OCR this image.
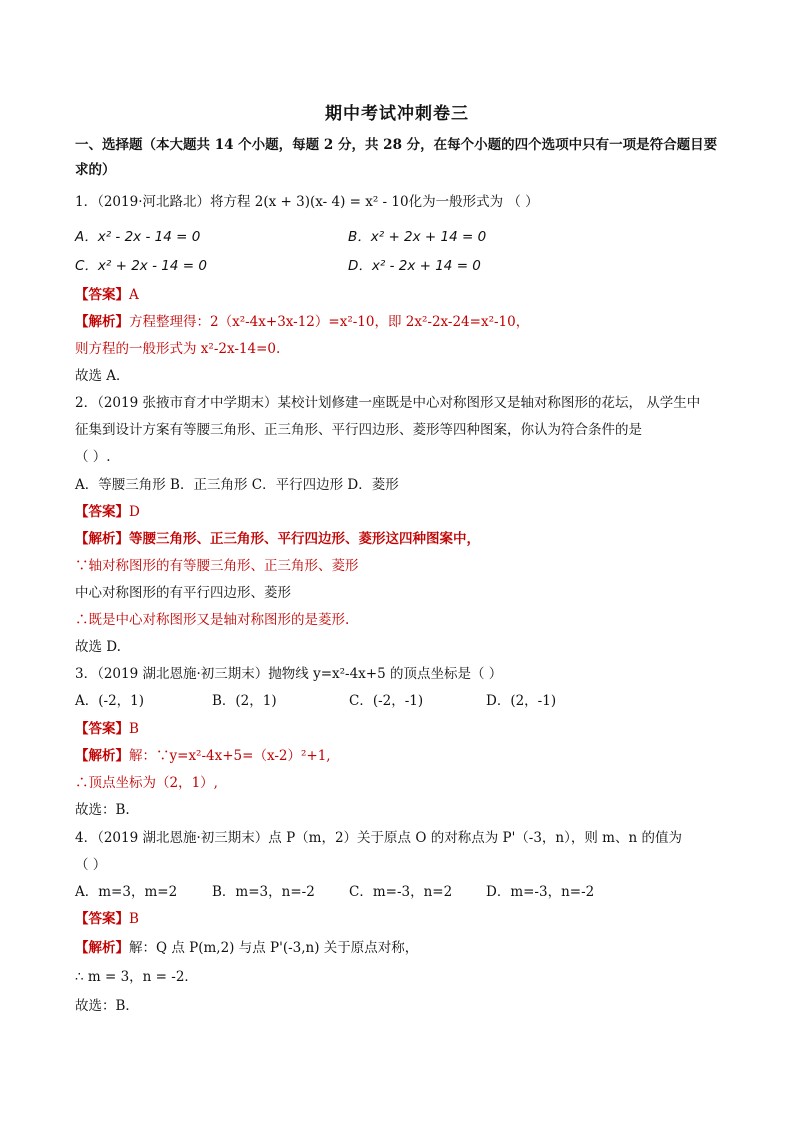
期中考试冲刺卷三
一、选择题（本大题共 14 个小题，每题 2 分，共 28 分，在每个小题的四个选项中只有一项是符合题目要
求的）
1．（2019·河北路北）将方程 2(x + 3)(x- 4) = x² - 10化为一般形式为 （ ）
A．x² - 2x - 14 = 0	B．x² + 2x + 14 = 0
C．x² + 2x - 14 = 0	D．x² - 2x + 14 = 0
【答案】A
【解析】方程整理得：2（x²-4x+3x-12）=x²-10，即 2x²-2x-24=x²-10，
则方程的一般形式为 x²-2x-14=0.
故选 A．
2．（2019 张掖市育才中学期末）某校计划修建一座既是中心对称图形又是轴对称图形的花坛， 从学生中
征集到设计方案有等腰三角形、正三角形、平行四边形、菱形等四种图案，你认为符合条件的是
（ ）.
A．等腰三角形 B．正三角形 C．平行四边形 D．菱形
【答案】D
【解析】等腰三角形、正三角形、平行四边形、菱形这四种图案中，
∵轴对称图形的有等腰三角形、正三角形、菱形
中心对称图形的有平行四边形、菱形
∴既是中心对称图形又是轴对称图形的是菱形.
故选 D.
3．（2019 湖北恩施·初三期末）抛物线 y=x²-4x+5 的顶点坐标是（ ）
A．(-2，1)	B．(2，1)	C．(-2，-1)	D．(2，-1)
【答案】B
【解析】解：∵y=x²-4x+5=（x-2）²+1,
∴顶点坐标为（2，1）,
故选：B.
4．（2019 湖北恩施·初三期末）点 P（m，2）关于原点 O 的对称点为 P'（-3，n），则 m、n 的值为
（ ）
A．m=3，m=2	B．m=3，n=-2	C．m=-3，n=2	D．m=-3，n=-2
【答案】B
【解析】解：Q 点 P(m,2) 与点 P'(-3,n) 关于原点对称，
∴ m = 3，n = -2．
故选：B．
